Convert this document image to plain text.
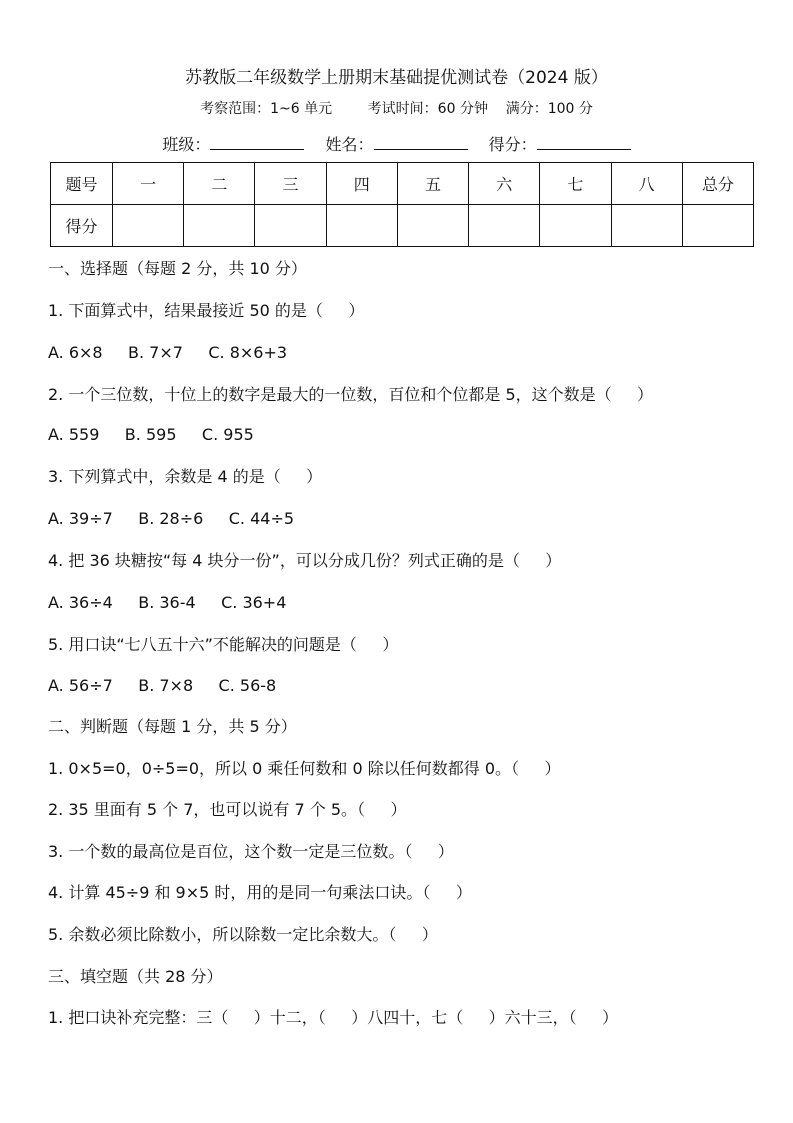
苏教版二年级数学上册期末基础提优测试卷（2024 版）
考察范围：1~6 单元        考试时间：60 分钟    满分：100 分
班级：	姓名：	得分：
题号	一	二	三	四	五	六	七	八	总分
得分									
一、选择题（每题 2 分，共 10 分）
1. 下面算式中，结果最接近 50 的是（     ）
A. 6×8     B. 7×7     C. 8×6+3
2. 一个三位数，十位上的数字是最大的一位数，百位和个位都是 5，这个数是（     ）
A. 559     B. 595     C. 955
3. 下列算式中，余数是 4 的是（     ）
A. 39÷7     B. 28÷6     C. 44÷5
4. 把 36 块糖按“每 4 块分一份”，可以分成几份？列式正确的是（     ）
A. 36÷4     B. 36-4     C. 36+4
5. 用口诀“七八五十六”不能解决的问题是（     ）
A. 56÷7     B. 7×8     C. 56-8
二、判断题（每题 1 分，共 5 分）
1. 0×5=0，0÷5=0，所以 0 乘任何数和 0 除以任何数都得 0。（     ）
2. 35 里面有 5 个 7，也可以说有 7 个 5。（     ）
3. 一个数的最高位是百位，这个数一定是三位数。（     ）
4. 计算 45÷9 和 9×5 时，用的是同一句乘法口诀。（     ）
5. 余数必须比除数小，所以除数一定比余数大。（     ）
三、填空题（共 28 分）
1. 把口诀补充完整：三（     ）十二，（     ）八四十，七（     ）六十三，（     ）
